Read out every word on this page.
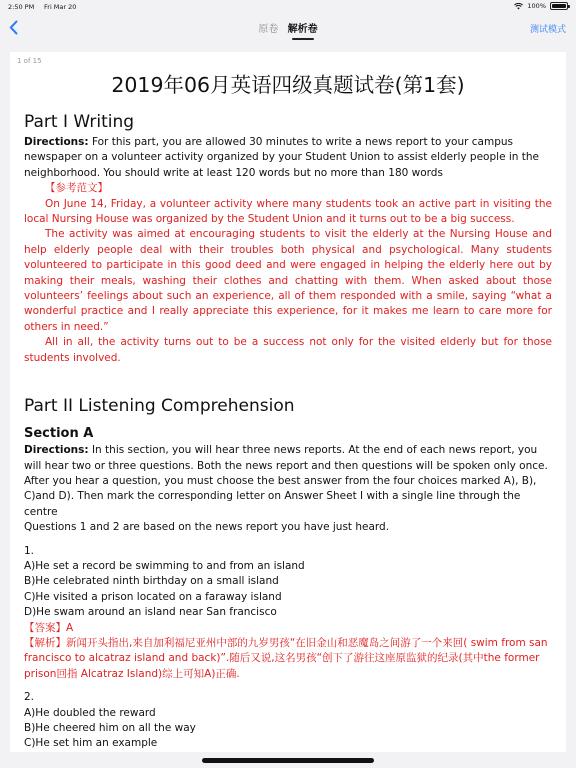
2:50 PM Fri Mar 20	100%
原卷 解析卷	测试模式
1 of 15
2019年06月英语四级真题试卷(第1套)
Part I Writing
Directions: For this part, you are allowed 30 minutes to write a news report to your campus newspaper on a volunteer activity organized by your Student Union to assist elderly people in the neighborhood. You should write at least 120 words but no more than 180 words
【参考范文】
On June 14, Friday, a volunteer activity where many students took an active part in visiting the local Nursing House was organized by the Student Union and it turns out to be a big success.
The activity was aimed at encouraging students to visit the elderly at the Nursing House and help elderly people deal with their troubles both physical and psychological. Many students volunteered to participate in this good deed and were engaged in helping the elderly here out by making their meals, washing their clothes and chatting with them. When asked about those volunteers’ feelings about such an experience, all of them responded with a smile, saying “what a wonderful practice and I really appreciate this experience, for it makes me learn to care more for others in need.”
All in all, the activity turns out to be a success not only for the visited elderly but for those students involved.
Part II Listening Comprehension
Section A
Directions: In this section, you will hear three news reports. At the end of each news report, you will hear two or three questions. Both the news report and then questions will be spoken only once. After you hear a question, you must choose the best answer from the four choices marked A), B), C)and D). Then mark the corresponding letter on Answer Sheet I with a single line through the centre
Questions 1 and 2 are based on the news report you have just heard.
1.
A)He set a record be swimming to and from an island
B)He celebrated ninth birthday on a small island
C)He visited a prison located on a faraway island
D)He swam around an island near San francisco
【答案】A
【解析】新闻开头指出,来自加利福尼亚州中部的九岁男孩“在旧金山和恶魔岛之间游了一个来回( swim from san francisco to alcatraz island and back)”.随后又说,这名男孩“创下了游往这座原监狱的纪录(其中the former prison回指 Alcatraz Island)综上可知A)正确.
2.
A)He doubled the reward
B)He cheered him on all the way
C)He set him an example
